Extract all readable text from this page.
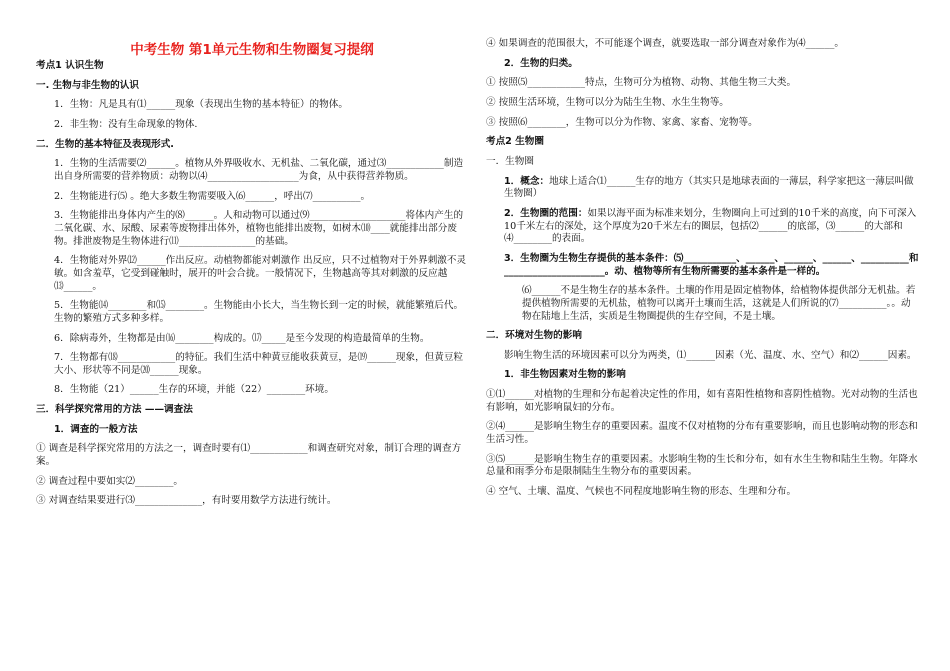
中考生物 第1单元生物和生物圈复习提纲
考点1 认识生物
一. 生物与非生物的认识
1．生物：凡是具有⑴______现象（表现出生物的基本特征）的物体。
2．非生物：没有生命现象的物体.
二．生物的基本特征及表现形式.
1．生物的生活需要⑵______。植物从外界吸收水、无机盐、二氧化碳，通过⑶____________制造出自身所需要的营养物质：动物以⑷___________________为食，从中获得营养物质。
2．生物能进行⑸ 。绝大多数生物需要吸入⑹______，呼出⑺__________。
3．生物能排出身体内产生的⑻______。人和动物可以通过⑼____________________将体内产生的二氧化碳、水、尿酸、尿素等废物排出体外，植物也能排出废物，如树木⑽____就能排出部分废物。排泄废物是生物体进行⑾________________的基础。
4．生物能对外界⑿______作出反应。动植物都能对刺激作 出反应，只不过植物对于外界刺激不灵敏。如含羞草，它受到碰触时，展开的叶会合拢。一般情况下，生物越高等其对刺激的反应越⒀______。
5．生物能⒁________和⒂________。生物能由小长大，当生物长到一定的时候，就能繁殖后代。生物的繁殖方式多种多样。
6．除病毒外，生物都是由⒃________构成的。⒄_____是至今发现的构造最简单的生物。
7．生物都有⒅____________的特征。我们生活中种黄豆能收获黄豆，是⒆______现象，但黄豆粒大小、形状等不同是⒇______现象。
8．生物能（21）______生存的环境，并能（22）________环境。
三．科学探究常用的方法 ——调查法
1．调查的一般方法
① 调查是科学探究常用的方法之一，调查时要有⑴____________和调查研究对象，制订合理的调查方案。
② 调查过程中要如实⑵________。
③ 对调查结果要进行⑶______________，有时要用数学方法进行统计。
④ 如果调查的范围很大，不可能逐个调查，就要选取一部分调查对象作为⑷______。
2．生物的归类。
① 按照⑸____________特点，生物可分为植物、动物、其他生物三大类。
② 按照生活环境，生物可以分为陆生生物、水生生物等。
③ 按照⑹________，生物可以分为作物、家禽、家畜、宠物等。
考点2 生物圈
一．生物圈
1．概念：地球上适合⑴______生存的地方（其实只是地球表面的一薄层，科学家把这一薄层叫做生物圈）
2．生物圈的范围：如果以海平面为标准来划分，生物圈向上可过到的10千米的高度，向下可深入10千米左右的深处，这个厚度为20千米左右的圈层，包括⑵______的底部，⑶______的大部和⑷________的表面。
3．生物圈为生物生存提供的基本条件：⑸___________、______、______、______、__________和_____________________。动、植物等所有生物所需要的基本条件是一样的。
⑹______不是生物生存的基本条件。土壤的作用是固定植物体，给植物体提供部分无机盐。若提供植物所需要的无机盐，植物可以离开土壤而生活，这就是人们所说的⑺__________。。动物在陆地上生活，实质是生物圈提供的生存空间，不是土壤。
二．环境对生物的影响
影响生物生活的环境因素可以分为两类，⑴______因素（光、温度、水、空气）和⑵______因素。
1．非生物因素对生物的影响
①⑴______对植物的生理和分布起着决定性的作用，如有喜阳性植物和喜阴性植物。光对动物的生活也有影响，如光影响鼠妇的分布。
②⑷______是影响生物生存的重要因素。温度不仅对植物的分布有重要影响，而且也影响动物的形态和生活习性。
③⑸______是影响生物生存的重要因素。水影响生物的生长和分布，如有水生生物和陆生生物。年降水总量和雨季分布是限制陆生生物分布的重要因素。
④ 空气、土壤、温度、气候也不同程度地影响生物的形态、生理和分布。
